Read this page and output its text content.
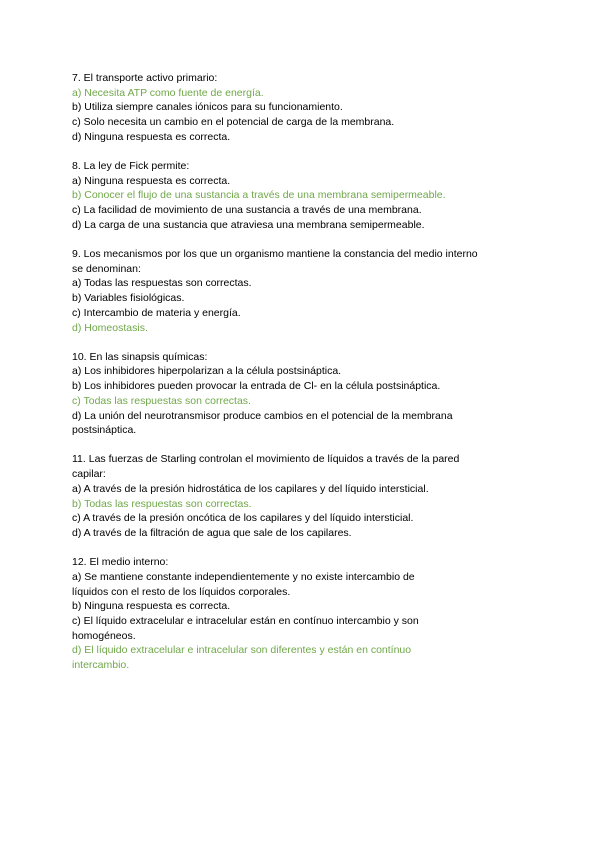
7. El transporte activo primario:
a) Necesita ATP como fuente de energía.
b) Utiliza siempre canales iónicos para su funcionamiento.
c) Solo necesita un cambio en el potencial de carga de la membrana.
d) Ninguna respuesta es correcta.
8. La ley de Fick permite:
a) Ninguna respuesta es correcta.
b) Conocer el flujo de una sustancia a través de una membrana semipermeable.
c) La facilidad de movimiento de una sustancia a través de una membrana.
d) La carga de una sustancia que atraviesa una membrana semipermeable.
9. Los mecanismos por los que un organismo mantiene la constancia del medio interno
se denominan:
a) Todas las respuestas son correctas.
b) Variables fisiológicas.
c) Intercambio de materia y energía.
d) Homeostasis.
10. En las sinapsis químicas:
a) Los inhibidores hiperpolarizan a la célula postsináptica.
b) Los inhibidores pueden provocar la entrada de Cl- en la célula postsináptica.
c) Todas las respuestas son correctas.
d) La unión del neurotransmisor produce cambios en el potencial de la membrana
postsináptica.
11. Las fuerzas de Starling controlan el movimiento de líquidos a través de la pared
capilar:
a) A través de la presión hidrostática de los capilares y del líquido intersticial.
b) Todas las respuestas son correctas.
c) A través de la presión oncótica de los capilares y del líquido intersticial.
d) A través de la filtración de agua que sale de los capilares.
12. El medio interno:
a) Se mantiene constante independientemente y no existe intercambio de
líquidos con el resto de los líquidos corporales.
b) Ninguna respuesta es correcta.
c) El líquido extracelular e intracelular están en contínuo intercambio y son
homogéneos.
d) El líquido extracelular e intracelular son diferentes y están en contínuo
intercambio.
